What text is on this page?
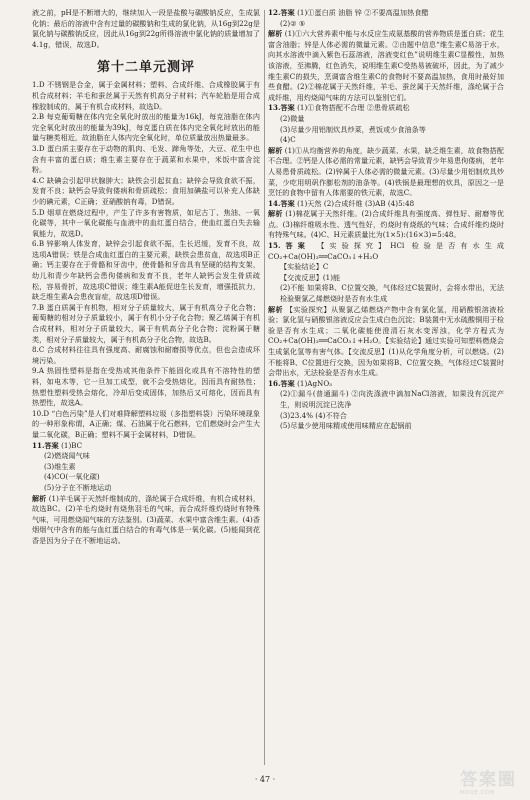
液之前，pH是不断增大的，继续加入一段是盐酸与碳酸钠反应，生成氯化钠；最后的溶液中含有过量的碳酸钠和生成的氯化钠，从16g到22g是氯化钠与碳酸钠反应，因此从16g到22g所得溶液中氯化钠的质量增加了4.1g，错误，故选D。

第十二单元测评

1.D 不锈钢是合金，属于金属材料；塑料、合成纤维、合成橡胶属于有机合成材料；羊毛和蚕丝属于天然有机高分子材料；汽车轮胎是用合成橡胶制成的，属于有机合成材料，故选D。

2.B 每克葡萄糖在体内完全氧化时放出的能量为16kJ，每克油脂在体内完全氧化时放出的能量为39kJ，每克蛋白质在体内完全氧化时放出的能量与糖类相近，故油脂在人体内完全氧化时，单位质量放出热量最多。

3.D 蛋白质主要存在于动物的肌肉、毛发、蹄角等处，大豆、花生中也含有丰富的蛋白质；维生素主要存在于蔬菜和水果中，米饭中富含淀粉。

4.C 缺碘会引起甲状腺肿大；缺铁会引起贫血；缺锌会导致食欲不振，发育不良；缺钙会导致佝偻病和骨质疏松；食用加碘盐可以补充人体缺少的碘元素，C正确；亚硝酸钠有毒，D错误。

5.D 烟草在燃烧过程中，产生了许多有害物质，如尼古丁、焦油、一氧化碳等，其中一氧化碳能与血液中的血红蛋白结合，使血红蛋白失去输氧能力，故选D。

6.B 锌影响人体发育，缺锌会引起食欲不振，生长迟缓，发育不良，故选项A错误；铁是合成血红蛋白的主要元素，缺铁会患贫血，故选项B正确；钙主要存在于骨骼和牙齿中，使骨骼和牙齿具有坚硬的结构支架，幼儿和青少年缺钙会患佝偻病和发育不良，老年人缺钙会发生骨质疏松，容易骨折，故选项C错误；维生素A能促进生长发育，增强抵抗力，缺乏维生素A会患夜盲症，故选项D错误。

7.B 蛋白质属于有机物，相对分子质量较大，属于有机高分子化合物；葡萄糖的相对分子质量较小，属于有机小分子化合物；聚乙烯属于有机合成材料，相对分子质量较大，属于有机高分子化合物；淀粉属于糖类，相对分子质量较大，属于有机高分子化合物，故选B。

8.C 合成材料往往具有强度高、耐腐蚀和耐磨损等优点，但也会造成环境污染。

9.A 热固性塑料是指在受热或其他条件下能固化或具有不溶特性的塑料，如电木等，它一旦加工成型，就不会受热熔化，因而具有耐热性；热塑性塑料受热会熔化，冷却后变成固体，加热后又可熔化，因而具有热塑性，故选A。

10.D “白色污染”是人们对难降解塑料垃圾（多指塑料袋）污染环境现象的一种形象称谓，A正确；煤、石油属于化石燃料，它们燃烧时会产生大量二氧化碳，B正确；塑料不属于金属材料，D错误。

11.答案 (1)BC

(2)燃烧闻气味

(3)维生素

(4)CO(一氧化碳)

(5)分子在不断地运动

解析 (1)羊毛属于天然纤维制成的，涤纶属于合成纤维，有机合成材料，故选BC。(2)羊毛灼烧时有烧焦羽毛的气味，而合成纤维灼烧时有特殊气味，可用燃烧闻气味的方法鉴别。(3)蔬菜、水果中富含维生素。(4)香烟烟气中含有的能与血红蛋白结合的有毒气体是一氧化碳。(5)能闻到花香是因为分子在不断地运动。

12.答案 (1)①蛋白质 油脂 锌 ②不要高温加热食醋

(2)② ⑤

解析 (1)①六大营养素中能与水反应生成氨基酸的营养物质是蛋白质；花生富含油脂；锌是人体必需的微量元素。②由题中信息“维生素C易溶于水，向其水溶液中滴入紫色石蕊溶液，溶液变红色”说明维生素C显酸性，加热该溶液，至沸腾，红色消失，说明维生素C受热易被破坏，因此，为了减少维生素C的损失，烹调富含维生素C的食物时不要高温加热，食用时最好加些食醋。(2)②棉花属于天然纤维，羊毛、蚕丝属于天然纤维，涤纶属于合成纤维，用灼烧闻气味的方法可以鉴别它们。

13.答案 (1)①食物搭配不合理 ②患骨质疏松

(2)微量

(3)尽量少用铝制炊具炒菜，煮饭或少食油条等

(4)C

解析 (1)①从均衡营养的角度，缺少蔬菜、水果，缺乏维生素，故食物搭配不合理。②钙是人体必需的常量元素，缺钙会导致青少年易患佝偻病，老年人易患骨质疏松。(2)锌属于人体必需的微量元素。(3)尽量少用铝制炊具炒菜，少吃用明矾作膨松剂的油条等。(4)铁锅是最理想的炊具，原因之一是烹饪的食物中留有人体需要的铁元素，故选C。

14.答案 (1)天然 (2)合成纤维 (3)AB (4)5:48

解析 (1)棉花属于天然纤维。(2)合成纤维具有强度高、弹性好、耐磨等优点。(3)棉纤维吸水性、透气性好，灼烧时有烧纸的气味；合成纤维灼烧时有特殊气味。(4)C、H元素质量比为(1×5):(16×3)=5:48。

15.答案 【实验探究】HCl 检验是否有水生成 CO₂+Ca(OH)₂══CaCO₃↓+H₂O

【实验结论】C

【交流反思】(1)能

(2)不能 如果将B、C位置交换，气体经过C装置时，会将水带出，无法检验聚氯乙烯燃烧时是否有水生成

解析 【实验探究】从聚氯乙烯燃烧产物中含有氯化氢，用硝酸银溶液检验；氯化氢与硝酸银溶液反应会生成白色沉淀；B装置中无水硫酸铜用于检验是否有水生成；二氧化碳能使澄清石灰水变浑浊，化学方程式为CO₂+Ca(OH)₂══CaCO₃↓+H₂O。【实验结论】通过实验可知塑料燃烧会生成氯化氢等有害气体。【交流反思】(1)从化学角度分析，可以燃烧。(2)不能将B、C位置进行交换，因为如果将B、C位置交换，气体经过C装置时会带出水，无法检验是否有水生成。

16.答案 (1)AgNO₃

(2)①漏斗(普通漏斗) ②向洗涤液中滴加NaCl溶液，如果没有沉淀产生，则说明沉淀已洗净

(3)23.4% (4)不符合

(5)尽量少使用味精或使用味精应在起锅前

· 47 ·	答案圈
MXQE.COM
